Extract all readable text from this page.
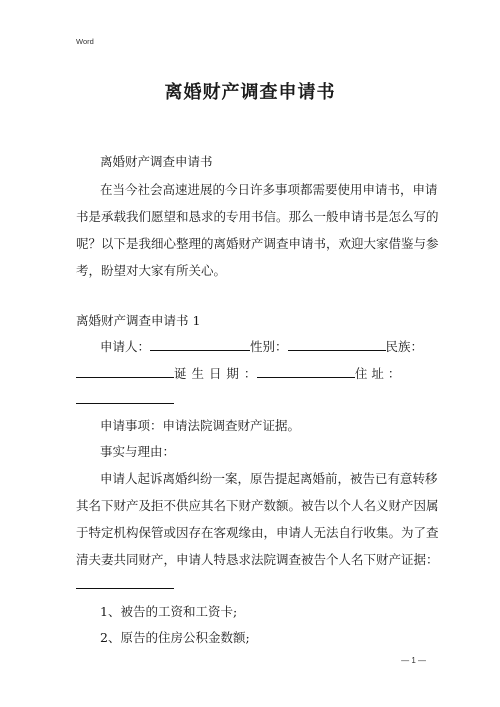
Word
离婚财产调查申请书
离婚财产调查申请书
在当今社会高速进展的今日许多事项都需要使用申请书，申请
书是承载我们愿望和恳求的专用书信。那么一般申请书是怎么写的
呢？以下是我细心整理的离婚财产调查申请书，欢迎大家借鉴与参
考，盼望对大家有所关心。
离婚财产调查申请书 1
申请人：	性别：	民族：
诞 生 日 期 ：	住 址 ：
申请事项：申请法院调查财产证据。
事实与理由：
申请人起诉离婚纠纷一案，原告提起离婚前，被告已有意转移
其名下财产及拒不供应其名下财产数额。被告以个人名义财产因属
于特定机构保管或因存在客观缘由，申请人无法自行收集。为了查
清夫妻共同财产，申请人特恳求法院调查被告个人名下财产证据：
1、被告的工资和工资卡;
2、原告的住房公积金数额;
— 1 —
